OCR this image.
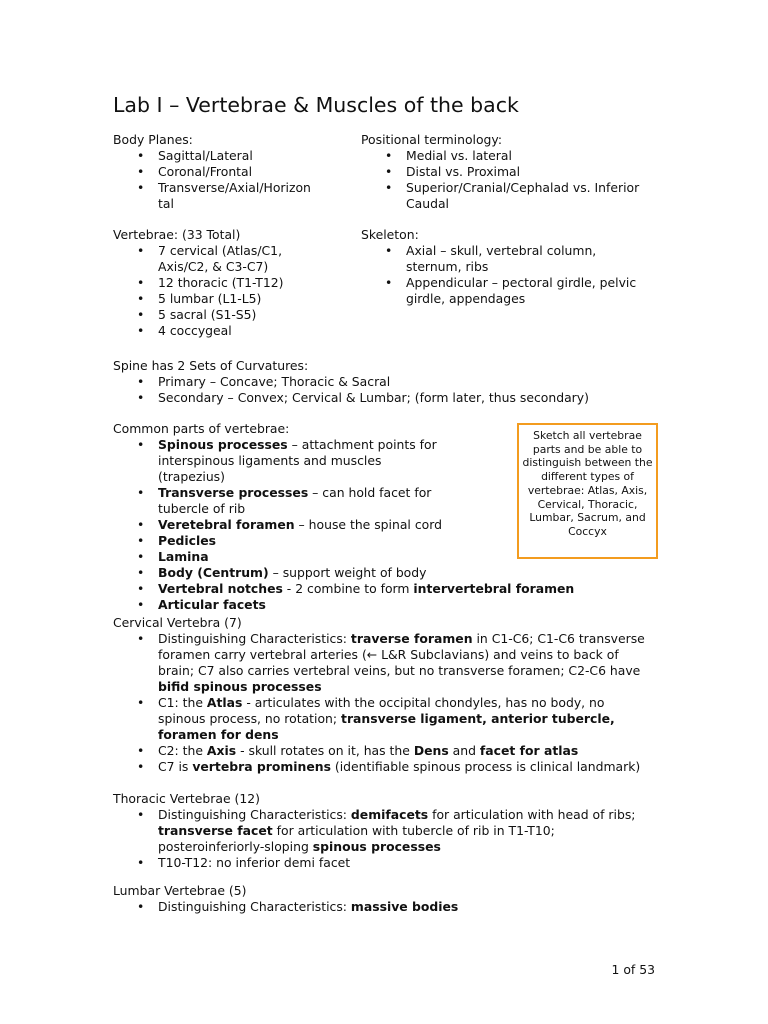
Lab I – Vertebrae & Muscles of the back
Body Planes:
• Sagittal/Lateral
• Coronal/Frontal
• Transverse/Axial/Horizon tal
Positional terminology:
• Medial vs. lateral
• Distal vs. Proximal
• Superior/Cranial/Cephalad vs. Inferior Caudal
Vertebrae: (33 Total)
• 7 cervical (Atlas/C1, Axis/C2, & C3-C7)
• 12 thoracic (T1-T12)
• 5 lumbar (L1-L5)
• 5 sacral (S1-S5)
• 4 coccygeal
Skeleton:
• Axial – skull, vertebral column, sternum, ribs
• Appendicular – pectoral girdle, pelvic girdle, appendages
Spine has 2 Sets of Curvatures:
• Primary – Concave; Thoracic & Sacral
• Secondary – Convex; Cervical & Lumbar; (form later, thus secondary)
Common parts of vertebrae:
• Spinous processes – attachment points for interspinous ligaments and muscles (trapezius)
• Transverse processes – can hold facet for tubercle of rib
• Veretebral foramen – house the spinal cord
• Pedicles
• Lamina
• Body (Centrum) – support weight of body
• Vertebral notches - 2 combine to form intervertebral foramen
• Articular facets
Sketch all vertebrae parts and be able to distinguish between the different types of vertebrae: Atlas, Axis, Cervical, Thoracic, Lumbar, Sacrum, and Coccyx
Cervical Vertebra (7)
• Distinguishing Characteristics: traverse foramen in C1-C6; C1-C6 transverse foramen carry vertebral arteries (← L&R Subclavians) and veins to back of brain; C7 also carries vertebral veins, but no transverse foramen; C2-C6 have bifid spinous processes
• C1: the Atlas - articulates with the occipital chondyles, has no body, no spinous process, no rotation; transverse ligament, anterior tubercle, foramen for dens
• C2: the Axis - skull rotates on it, has the Dens and facet for atlas
• C7 is vertebra prominens (identifiable spinous process is clinical landmark)
Thoracic Vertebrae (12)
• Distinguishing Characteristics: demifacets for articulation with head of ribs; transverse facet for articulation with tubercle of rib in T1-T10; posteroinferiorly-sloping spinous processes
• T10-T12: no inferior demi facet
Lumbar Vertebrae (5)
• Distinguishing Characteristics: massive bodies
1 of 53
